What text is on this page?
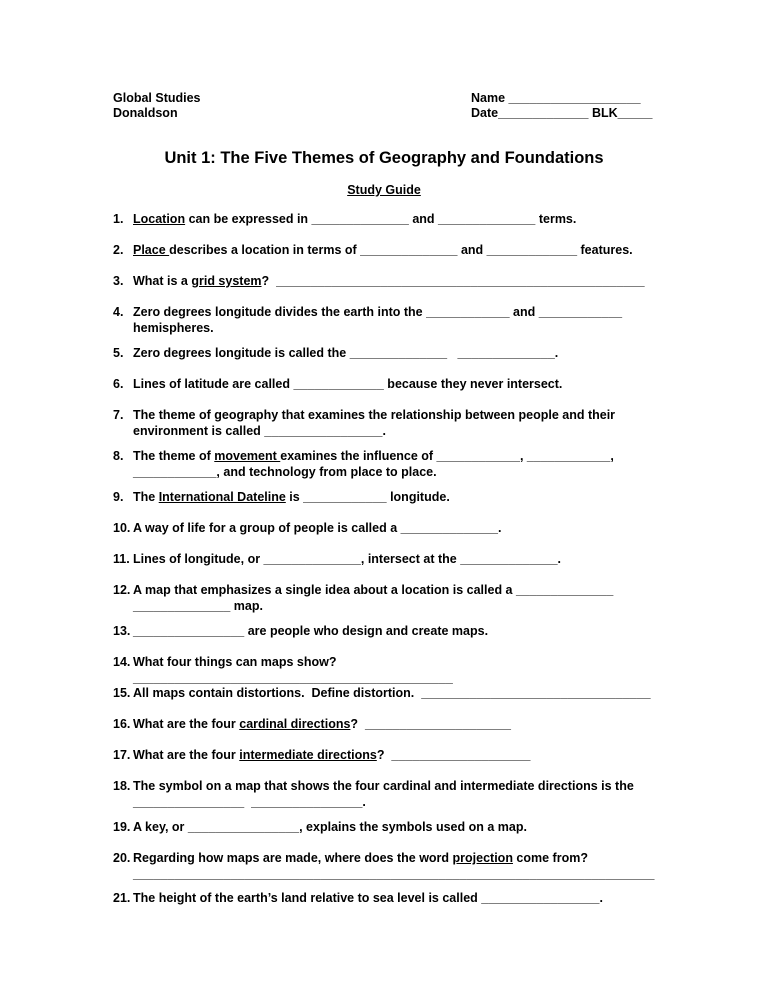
Global Studies
Donaldson
Name ___________________
Date_____________ BLK_____
Unit 1: The Five Themes of Geography and Foundations
Study Guide
1. Location can be expressed in ______________ and ______________ terms.
2. Place describes a location in terms of ______________ and _____________ features.
3. What is a grid system?  _____________________________________________________
4. Zero degrees longitude divides the earth into the ____________ and ____________
hemispheres.
5. Zero degrees longitude is called the ______________   ______________.
6. Lines of latitude are called _____________ because they never intersect.
7. The theme of geography that examines the relationship between people and their
environment is called _________________.
8. The theme of movement examines the influence of ____________, ____________,
____________, and technology from place to place.
9. The International Dateline is ____________ longitude.
10. A way of life for a group of people is called a ______________.
11. Lines of longitude, or ______________, intersect at the ______________.
12. A map that emphasizes a single idea about a location is called a ______________
______________ map.
13. ________________ are people who design and create maps.
14. What four things can maps show?  ______________________________________________
15. All maps contain distortions.  Define distortion.  _________________________________
16. What are the four cardinal directions?  _____________________
17. What are the four intermediate directions?  ____________________
18. The symbol on a map that shows the four cardinal and intermediate directions is the
________________  ________________.
19. A key, or ________________, explains the symbols used on a map.
20. Regarding how maps are made, where does the word projection come from?
___________________________________________________________________________
21. The height of the earth’s land relative to sea level is called _________________.
